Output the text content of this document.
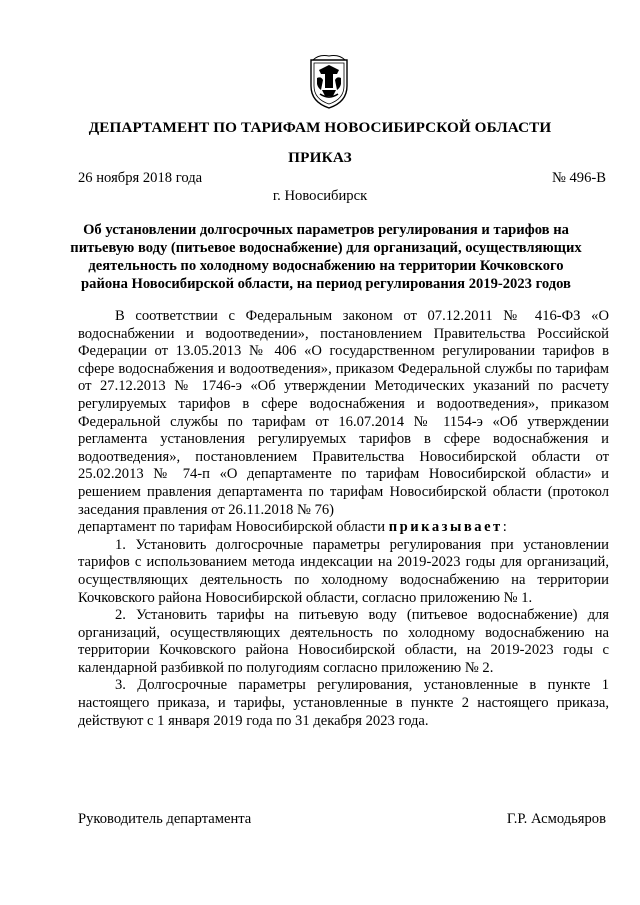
ДЕПАРТАМЕНТ ПО ТАРИФАМ НОВОСИБИРСКОЙ ОБЛАСТИ
ПРИКАЗ
26 ноября 2018 года	№ 496-В
г. Новосибирск
Об установлении долгосрочных параметров регулирования и тарифов на питьевую воду (питьевое водоснабжение) для организаций, осуществляющих деятельность по холодному водоснабжению на территории Кочковского района Новосибирской области, на период регулирования 2019-2023 годов

В соответствии с Федеральным законом от 07.12.2011 № 416-ФЗ «О водоснабжении и водоотведении», постановлением Правительства Российской Федерации от 13.05.2013 № 406 «О государственном регулировании тарифов в сфере водоснабжения и водоотведения», приказом Федеральной службы по тарифам от 27.12.2013 № 1746-э «Об утверждении Методических указаний по расчету регулируемых тарифов в сфере водоснабжения и водоотведения», приказом Федеральной службы по тарифам от 16.07.2014 № 1154-э «Об утверждении регламента установления регулируемых тарифов в сфере водоснабжения и водоотведения», постановлением Правительства Новосибирской области от 25.02.2013 № 74-п «О департаменте по тарифам Новосибирской области» и решением правления департамента по тарифам Новосибирской области (протокол заседания правления от 26.11.2018 № 76)

департамент по тарифам Новосибирской области приказывает:

1. Установить долгосрочные параметры регулирования при установлении тарифов с использованием метода индексации на 2019-2023 годы для организаций, осуществляющих деятельность по холодному водоснабжению на территории Кочковского района Новосибирской области, согласно приложению № 1.

2. Установить тарифы на питьевую воду (питьевое водоснабжение) для организаций, осуществляющих деятельность по холодному водоснабжению на территории Кочковского района Новосибирской области, на 2019-2023 годы с календарной разбивкой по полугодиям согласно приложению № 2.

3. Долгосрочные параметры регулирования, установленные в пункте 1 настоящего приказа, и тарифы, установленные в пункте 2 настоящего приказа, действуют с 1 января 2019 года по 31 декабря 2023 года.

Руководитель департамента	Г.Р. Асмодьяров
